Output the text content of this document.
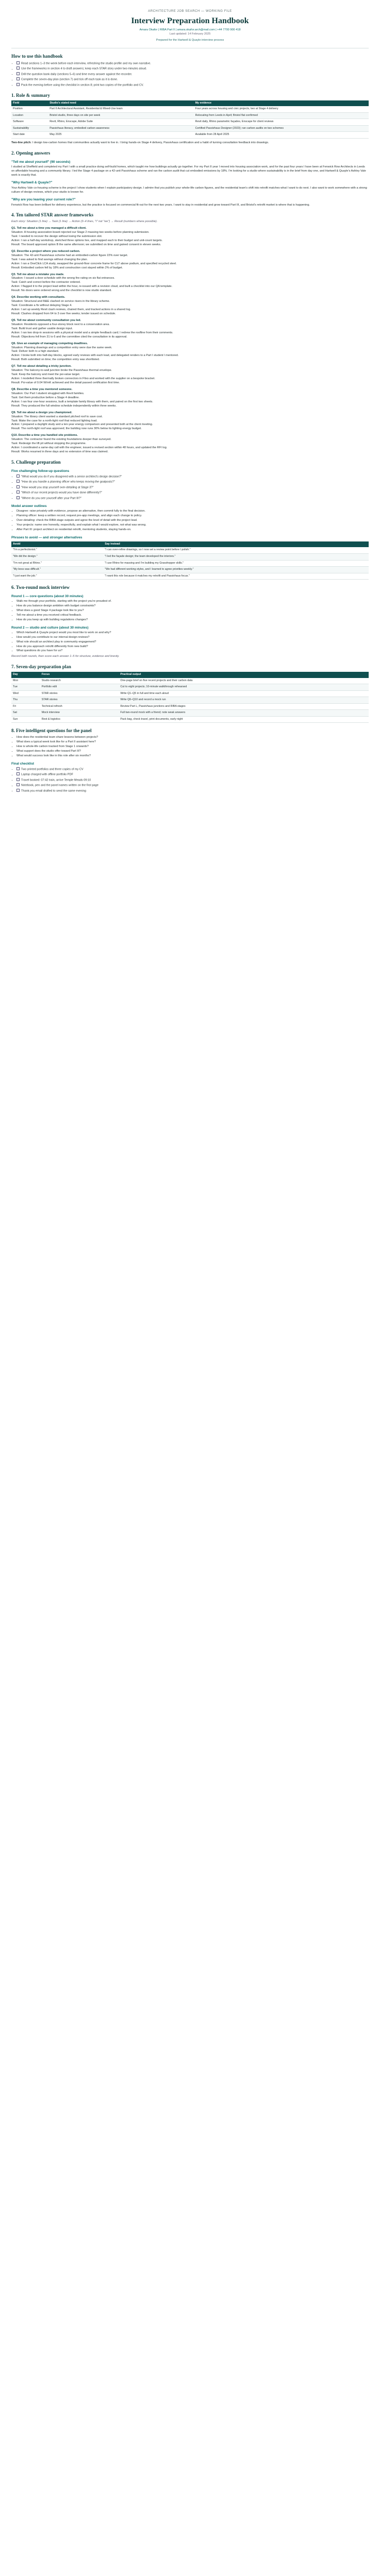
ARCHITECTURE JOB SEARCH — WORKING FILE
Interview Preparation Handbook
Amara Okafor | RIBA Part II | amara.okafor.arch@mail.com | +44 7700 900 418
Last updated: 14 February 2025
Prepared for the Hartwell & Quayle interview process
How to use this handbook
• Read sections 1–3 the week before each interview, refreshing the studio profile and my own narrative.
• Use the frameworks in section 4 to draft answers; keep each STAR story under two minutes aloud.
• Drill the question bank daily (sections 5–6) and time every answer against the recorder.
• Complete the seven-day plan (section 7) and tick off each task as it is done.
• Pack the evening before using the checklist in section 8; print two copies of the portfolio and CV.
1. Role & summary
Field	Studio's stated need	My evidence
Position	Part II Architectural Assistant, Residential & Mixed-Use team	Four years across housing and civic projects, two at Stage 4 delivery
Location	Bristol studio, three days on site per week	Relocating from Leeds in April; Bristol flat confirmed
Software	Revit, Rhino, Enscape, Adobe Suite	Revit daily, Rhino parametric façades, Enscape for client reviews
Sustainability	Passivhaus literacy, embodied carbon awareness	Certified Passivhaus Designer (2023); ran carbon audits on two schemes
Start date	May 2025	Available from 28 April 2025

Two-line pitch: I design low-carbon homes that communities actually want to live in. I bring hands-on Stage 4 delivery, Passivhaus certification and a habit of turning consultation feedback into drawings.

2. Opening answers
"Tell me about yourself" (90 seconds)

I studied at Sheffield and completed my Part I with a small practice doing self-build homes, which taught me how buildings actually go together. For my Part II year I moved into housing association work, and for the past four years I have been at Fenwick Row Architects in Leeds on affordable housing and a community library. I led the Stage 4 package on a 42-unit Passivhaus scheme and ran the carbon audit that cut embodied emissions by 18%. I'm looking for a studio where sustainability is in the brief from day one, and Hartwell & Quayle's Ashley Vale work is exactly that.

"Why Hartwell & Quayle?"

Your Ashley Vale co-housing scheme is the project I show students when I explain participatory design. I admire that you publish your whole-life carbon figures, and the residential team's shift into retrofit matches what I want to do next. I also want to work somewhere with a strong culture of design reviews, which your studio is known for.

"Why are you leaving your current role?"

Fenwick Row has been brilliant for delivery experience, but the practice is focused on commercial fit-out for the next two years. I want to stay in residential and grow toward Part III, and Bristol's retrofit market is where that is happening.

4. Ten tailored STAR answer frameworks

Each story: Situation (1 line) → Task (1 line) → Action (3–4 lines, "I" not "we") → Result (numbers where possible).

Q1. Tell me about a time you managed a difficult client.
Situation: A housing association board rejected our Stage 2 massing two weeks before planning submission.
Task: I needed to recover the design without losing the submission slot.
Action: I ran a half-day workshop, sketched three options live, and mapped each to their budget and unit-count targets.
Result: The board approved option B the same afternoon; we submitted on time and gained consent in eleven weeks.
Q2. Describe a project where you reduced carbon.
Situation: The 42-unit Passivhaus scheme had an embodied-carbon figure 22% over target.
Task: I was asked to find savings without changing the plan.
Action: I ran a OneClick LCA study, swapped the ground-floor concrete frame for CLT above podium, and specified recycled steel.
Result: Embodied carbon fell by 18% and construction cost stayed within 2% of budget.
Q3. Tell me about a mistake you made.
Situation: I issued a door schedule with the wrong fire rating on six flat entrances.
Task: Catch and correct before the contractor ordered.
Action: I flagged it to the project lead within the hour, re-issued with a revision cloud, and built a checklist into our QA template.
Result: No doors were ordered wrong and the checklist is now studio standard.
Q4. Describe working with consultants.
Situation: Structural and M&E clashed on service risers in the library scheme.
Task: Coordinate a fix without delaying Stage 4.
Action: I set up weekly Revit clash reviews, chaired them, and tracked actions in a shared log.
Result: Clashes dropped from 64 to 3 over five weeks; tender issued on schedule.
Q5. Tell me about community consultation you led.
Situation: Residents opposed a four-storey block next to a conservation area.
Task: Build trust and gather usable design input.
Action: I ran two drop-in sessions with a physical model and a simple feedback card; I redrew the roofline from their comments.
Result: Objections fell from 31 to 6 and the committee cited the consultation in its approval.
Q6. Give an example of managing competing deadlines.
Situation: Planning drawings and a competition entry were due the same week.
Task: Deliver both to a high standard.
Action: I broke both into half-day blocks, agreed early reviews with each lead, and delegated renders to a Part I student I mentored.
Result: Both submitted on time; the competition entry was shortlisted.
Q7. Tell me about detailing a tricky junction.
Situation: The balcony-to-wall junction broke the Passivhaus thermal envelope.
Task: Keep the balcony and meet the psi-value target.
Action: I modelled three thermally broken connectors in Flixo and worked with the supplier on a bespoke bracket.
Result: Psi-value of 0.04 W/mK achieved and the detail passed certification first time.
Q8. Describe a time you mentored someone.
Situation: Our Part I student struggled with Revit families.
Task: Get them productive before a Stage 4 deadline.
Action: I ran four one-hour sessions, built a template family library with them, and paired on the first two sheets.
Result: They produced the full window schedule independently within three weeks.
Q9. Tell me about a design you championed.
Situation: The library client wanted a standard pitched roof to save cost.
Task: Make the case for a north-light roof that reduced lighting load.
Action: I prepared a daylight study and a ten-year energy comparison and presented both at the client meeting.
Result: The north-light roof was approved; the building now runs 30% below its lighting energy budget.
Q10. Describe a time you handled site problems.
Situation: The contractor found the existing foundations deeper than surveyed.
Task: Redesign the lift pit without stopping the programme.
Action: I coordinated a same-day call with the engineer, issued a revised section within 48 hours, and updated the RFI log.
Result: Works resumed in three days and no extension of time was claimed.
5. Challenge preparation
Five challenging follow-up questions
• "What would you do if you disagreed with a senior architect's design decision?"
• "How do you handle a planning officer who keeps moving the goalposts?"
• "How would you stop yourself over-detailing at Stage 3?"
• "Which of our recent projects would you have done differently?"
• "Where do you see yourself after your Part III?"
Model answer outlines
• Disagree: raise privately with evidence, propose an alternative, then commit fully to the final decision.
• Planning officer: keep a written record, request pre-app meetings, and align each change to policy.
• Over-detailing: check the RIBA stage outputs and agree the level of detail with the project lead.
• Your projects: name one honestly, respectfully, and explain what I would explore, not what was wrong.
• After Part III: project architect on residential retrofit, mentoring students, staying hands-on.
Phrases to avoid — and stronger alternatives
Avoid	Say instead
"I'm a perfectionist."	"I can over-refine drawings, so I now set a review point before I polish."
"We did the design."	"I led the façade design; the team developed the interiors."
"I'm not great at Rhino."	"I use Rhino for massing and I'm building my Grasshopper skills."
"My boss was difficult."	"We had different working styles, and I learned to agree priorities weekly."
"I just want the job."	"I want this role because it matches my retrofit and Passivhaus focus."
6. Two-round mock interview
Round 1 — core questions (about 30 minutes)
• Walk me through your portfolio, starting with the project you're proudest of.
• How do you balance design ambition with budget constraints?
• What does a good Stage 4 package look like to you?
• Tell me about a time you received critical feedback.
• How do you keep up with building regulations changes?
Round 2 — studio and culture (about 30 minutes)
• Which Hartwell & Quayle project would you most like to work on and why?
• How would you contribute to our internal design reviews?
• What role should an architect play in community engagement?
• How do you approach retrofit differently from new build?
• What questions do you have for us?

Record both rounds, then score each answer 1–5 for structure, evidence and brevity.

7. Seven-day preparation plan
Day	Focus	Practical output
Mon	Studio research	One-page brief on five recent projects and their carbon data
Tue	Portfolio edit	Cut to eight projects; 10-minute walkthrough rehearsed
Wed	STAR stories	Write Q1–Q5 in full and time each aloud
Thu	STAR stories	Write Q6–Q10 and record a mock run
Fri	Technical refresh	Review Part L, Passivhaus junctions and RIBA stages
Sat	Mock interview	Full two-round mock with a friend; note weak answers
Sun	Rest & logistics	Pack bag, check travel, print documents, early night
8. Five intelligent questions for the panel
• How does the residential team share lessons between projects?
• What does a typical week look like for a Part II assistant here?
• How is whole-life carbon tracked from Stage 1 onwards?
• What support does the studio offer toward Part III?
• What would success look like in this role after six months?
Final checklist
• Two printed portfolios and three copies of my CV
• Laptop charged with offline portfolio PDF
• Travel booked: 07:42 train, arrive Temple Meads 09:10
• Notebook, pen and the panel names written on the first page
• Thank-you email drafted to send the same evening
